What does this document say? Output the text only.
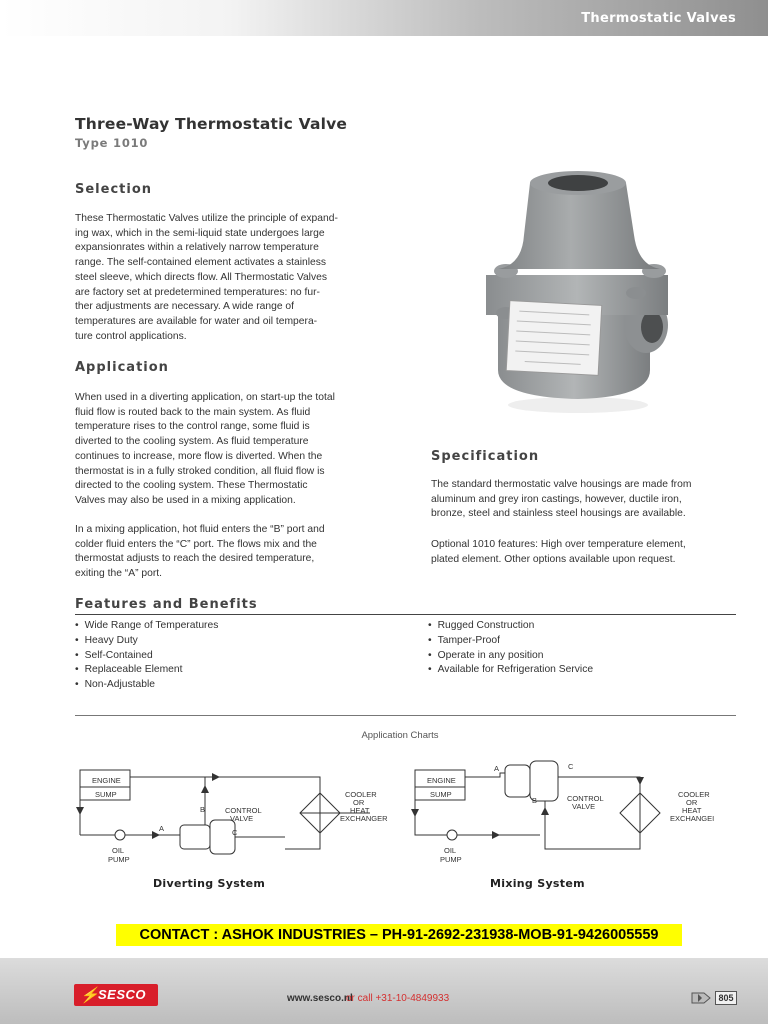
Thermostatic Valves
Three-Way Thermostatic Valve
Type 1010
Selection
These Thermostatic Valves utilize the principle of expand-
ing wax, which in the semi-liquid state undergoes large
expansionrates within a relatively narrow temperature
range. The self-contained element activates a stainless
steel sleeve, which directs flow. All Thermostatic Valves
are factory set at predetermined temperatures: no fur-
ther adjustments are necessary. A wide range of
temperatures are available for water and oil tempera-
ture control applications.
Application
When used in a diverting application, on start-up the total
fluid flow is routed back to the main system. As fluid
temperature rises to the control range, some fluid is
diverted to the cooling system. As fluid temperature
continues to increase, more flow is diverted. When the
thermostat is in a fully stroked condition, all fluid flow is
directed to the cooling system. These Thermostatic
Valves may also be used in a mixing application.
In a mixing application, hot fluid enters the “B” port and
colder fluid enters the “C” port. The flows mix and the
thermostat adjusts to reach the desired temperature,
exiting the “A” port.
Specification
The standard thermostatic valve housings are made from
aluminum and grey iron castings, however, ductile iron,
bronze, steel and stainless steel housings are available.
Optional 1010 features: High over temperature element,
plated element. Other options available upon request.
Features and Benefits
• Wide Range of Temperatures
• Heavy Duty
• Self-Contained
• Replaceable Element
• Non-Adjustable
• Rugged Construction
• Tamper-Proof
• Operate in any position
• Available for Refrigeration Service
Application Charts
ENGINE
SUMP
OIL
PUMP
CONTROL
VALVE
COOLER
OR
HEAT
EXCHANGER
B
A	C
Diverting System
ENGINE
SUMP
OIL
PUMP
CONTROL
VALVE
COOLER
OR
HEAT
EXCHANGEI
A	C
B
Mixing System
CONTACT : ASHOK INDUSTRIES – PH-91-2692-231938-MOB-91-9426005559
⚡
SESCO	www.sesco.nl
or call +31-10-4849933	805
